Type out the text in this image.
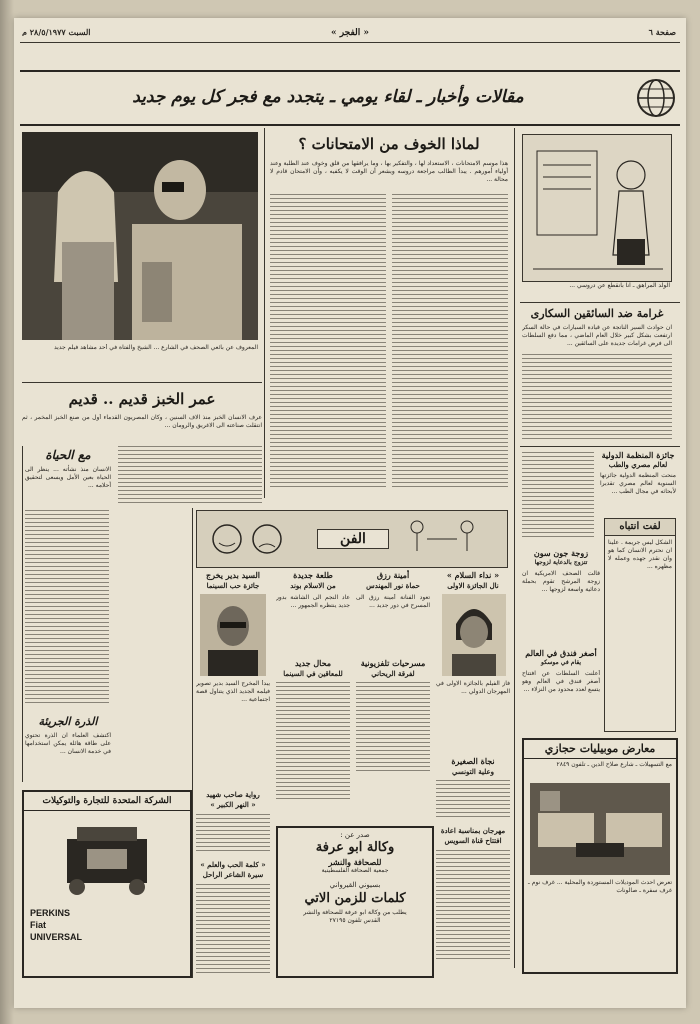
صفحة ٦
« الفجر »
السبت ٢٨/٥/١٩٧٧ م
مقالات وأخبار ـ لقاء يومي ـ يتجدد مع فجر كل يوم جديد
المعروف عن بائعي الصحف في الشارع ... الشيخ والفتاة في أحد مشاهد فيلم جديد
لماذا الخوف من الامتحانات ؟
هذا موسم الامتحانات ، الاستعداد لها ، والتفكير بها ، وما يرافقها من قلق وخوف عند الطلبة وعند أولياء أمورهم . يبدأ الطالب مراجعة دروسه ويشعر أن الوقت لا يكفيه ، وأن الامتحان قادم لا محالة ...
الولد المراهق ـ انا بانقطع عن دروسي ...
غرامة ضد السائقين السكارى
ان حوادث السير الناتجة عن قيادة السيارات في حالة السكر ارتفعت بشكل كبير خلال العام الماضي ، مما دفع السلطات الى فرض غرامات جديدة على السائقين ...
جائزة المنظمة الدولية
لعالم مصري والطب
منحت المنظمة الدولية جائزتها السنوية لعالم مصري تقديرا لأبحاثه في مجال الطب ...
لفت انتباه
الشكل ليس جريمة . علينا ان نحترم الانسان كما هو وان نقدر جهده وعمله لا مظهره ...
زوجة جون سون
تتزوج بالدعاية لزوجها
قالت الصحف الامريكية ان زوجة المرشح تقوم بحملة دعائية واسعة لزوجها ...
أصغر فندق في العالم
يقام في موسكو
أعلنت السلطات عن افتتاح أصغر فندق في العالم وهو يتسع لعدد محدود من النزلاء ...
معارض موبيليات حجازي
مع التسهيلات ـ شارع صلاح الدين ـ تلفون ٢٨٤٩
تعرض احدث الموديلات المستوردة والمحلية ... غرف نوم ـ غرف سفرة ـ صالونات
عمر الخبز قديم .. قديم
عرف الانسان الخبز منذ آلاف السنين ، وكان المصريون القدماء أول من صنع الخبز المخمر ، ثم انتقلت صناعته الى الاغريق والرومان ...
مع الحياة
الانسان منذ نشأته ... ينظر الى الحياة بعين الأمل ويسعى لتحقيق أحلامه ...
الذرة الجريئة
اكتشف العلماء ان الذرة تحتوي على طاقة هائلة يمكن استخدامها في خدمة الانسان ...
الفن
السيد بدير يخرج
جائزة حب السينما
يبدأ المخرج السيد بدير تصوير فيلمه الجديد الذي يتناول قصة اجتماعية ...
طلعة جديدة
من الاسلام بوند
عاد النجم الى الشاشة بدور جديد ينتظره الجمهور ...
أمينة رزق
حماة نور المهندس
تعود الفنانة أمينة رزق الى المسرح في دور جديد ...
« نداء السلام »
نال الجائزة الاولى
فاز الفيلم بالجائزة الاولى في المهرجان الدولي ...
محال جديد
للمعاقين في السينما
مسرحيات تلفزيونية
لفرقة الريحاني
نجاة الصغيرة
وعلية التونسي
مهرجان بمناسبة اعادة
افتتاح قناة السويس
رواية صاحب شهيد
« النهر الكبير »
« كلمة الحب والعلم »
سيرة الشاعر الراحل
صدر عن :
وكالة ابو عرفة
للصحافة والنشر
جمعية الصحافة الفلسطينية
بسيوني القيرواني
كلمات للزمن الاتي
يطلب من وكالة ابو عرفة للصحافة والنشر
القدس تلفون ٢٧١٩٥
الشركة المتحدة للتجارة والتوكيلات
PERKINS
Fiat
UNIVERSAL
